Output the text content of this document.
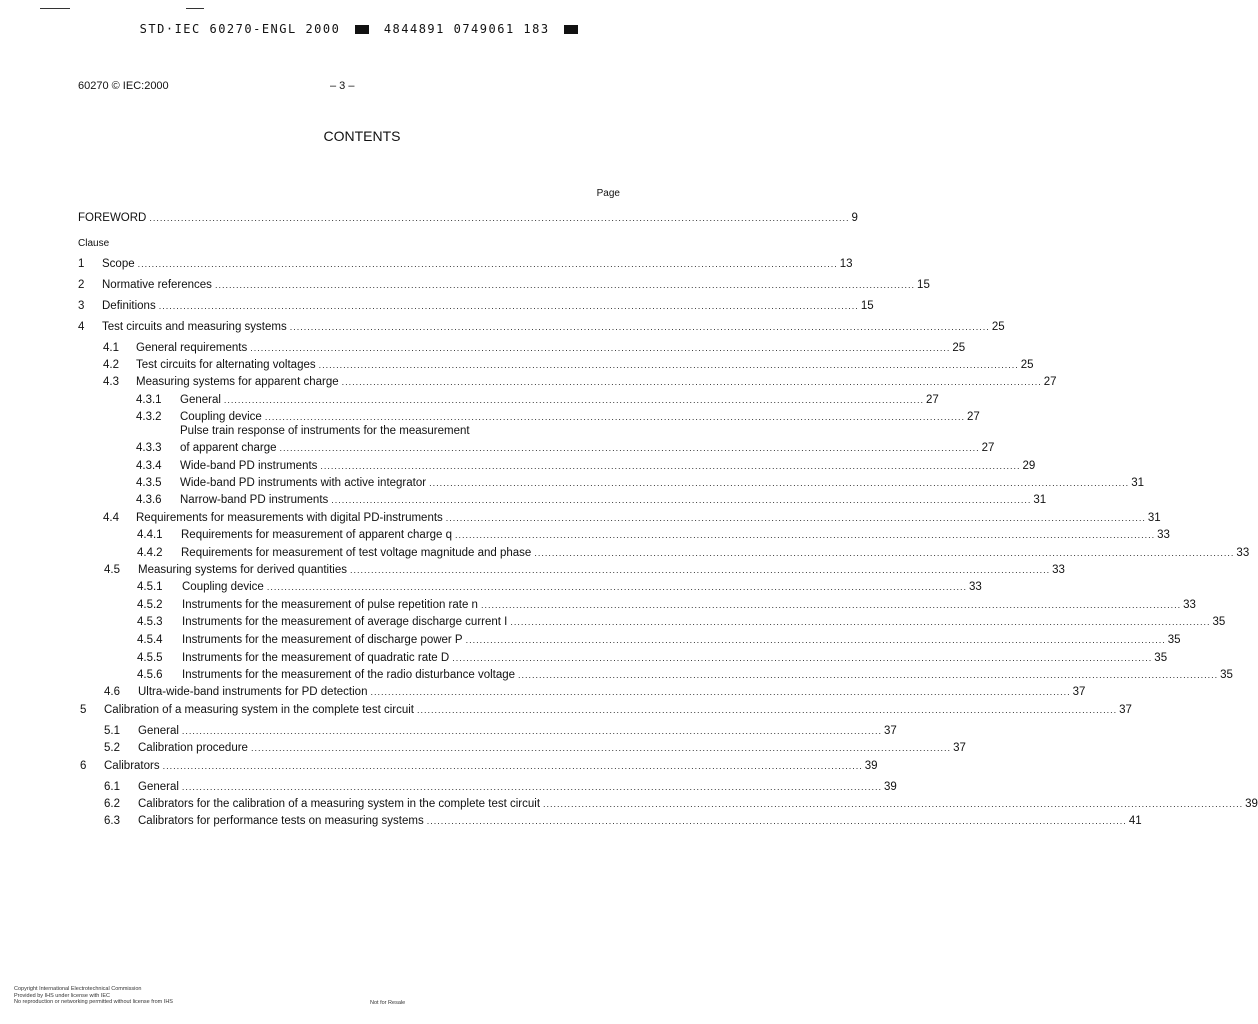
STD·IEC 60270-ENGL 2000	4844891 0749061 183
60270 © IEC:2000	– 3 –
CONTENTS
Page
Clause
FOREWORD ........................................................................................................................................................................................................ 9
1 Scope ........................................................................................................................................................................................................ 13
2 Normative references ........................................................................................................................................................................................................ 15
3 Definitions ........................................................................................................................................................................................................ 15
4 Test circuits and measuring systems ........................................................................................................................................................................................................ 25
4.1 General requirements ........................................................................................................................................................................................................ 25
4.2 Test circuits for alternating voltages ........................................................................................................................................................................................................ 25
4.3 Measuring systems for apparent charge ........................................................................................................................................................................................................ 27
4.3.1 General ........................................................................................................................................................................................................ 27
4.3.2 Coupling device ........................................................................................................................................................................................................ 27
4.3.3
Pulse train response of instruments for the measurement
of apparent charge ........................................................................................................................................................................................................ 27
4.3.4 Wide-band PD instruments ........................................................................................................................................................................................................ 29
4.3.5 Wide-band PD instruments with active integrator ........................................................................................................................................................................................................ 31
4.3.6 Narrow-band PD instruments ........................................................................................................................................................................................................ 31
4.4 Requirements for measurements with digital PD-instruments ........................................................................................................................................................................................................ 31
4.4.1 Requirements for measurement of apparent charge q ........................................................................................................................................................................................................ 33
4.4.2 Requirements for measurement of test voltage magnitude and phase ........................................................................................................................................................................................................ 33
4.5 Measuring systems for derived quantities ........................................................................................................................................................................................................ 33
4.5.1 Coupling device ........................................................................................................................................................................................................ 33
4.5.2 Instruments for the measurement of pulse repetition rate n ........................................................................................................................................................................................................ 33
4.5.3 Instruments for the measurement of average discharge current I ........................................................................................................................................................................................................ 35
4.5.4 Instruments for the measurement of discharge power P ........................................................................................................................................................................................................ 35
4.5.5 Instruments for the measurement of quadratic rate D ........................................................................................................................................................................................................ 35
4.5.6 Instruments for the measurement of the radio disturbance voltage ........................................................................................................................................................................................................ 35
4.6 Ultra-wide-band instruments for PD detection ........................................................................................................................................................................................................ 37
5 Calibration of a measuring system in the complete test circuit ........................................................................................................................................................................................................ 37
5.1 General ........................................................................................................................................................................................................ 37
5.2 Calibration procedure ........................................................................................................................................................................................................ 37
6 Calibrators ........................................................................................................................................................................................................ 39
6.1 General ........................................................................................................................................................................................................ 39
6.2 Calibrators for the calibration of a measuring system in the complete test circuit ........................................................................................................................................................................................................ 39
6.3 Calibrators for performance tests on measuring systems ........................................................................................................................................................................................................ 41
Copyright International Electrotechnical Commission
Provided by IHS under license with IEC
No reproduction or networking permitted without license from IHS	Not for Resale
